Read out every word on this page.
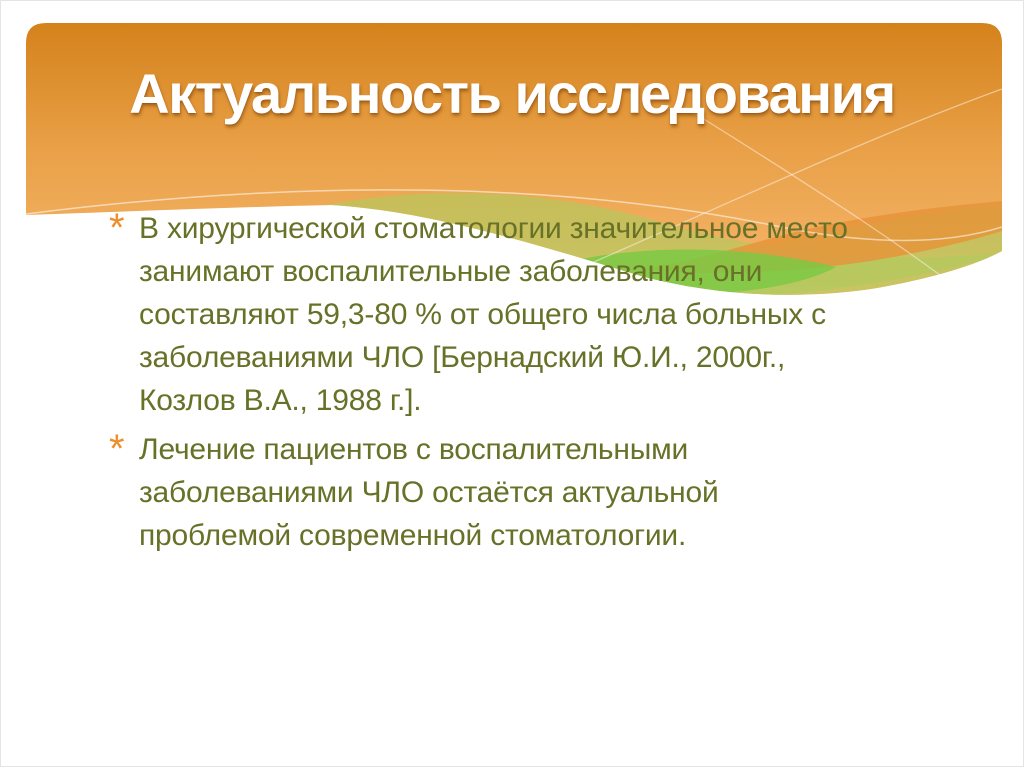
Актуальность исследования
* В хирургической стоматологии значительное место
занимают воспалительные заболевания, они
составляют 59,3-80 % от общего числа больных с
заболеваниями ЧЛО [Бернадский Ю.И., 2000г.,
Козлов В.А., 1988 г.].
* Лечение пациентов с воспалительными
заболеваниями ЧЛО остаётся актуальной
проблемой современной стоматологии.
